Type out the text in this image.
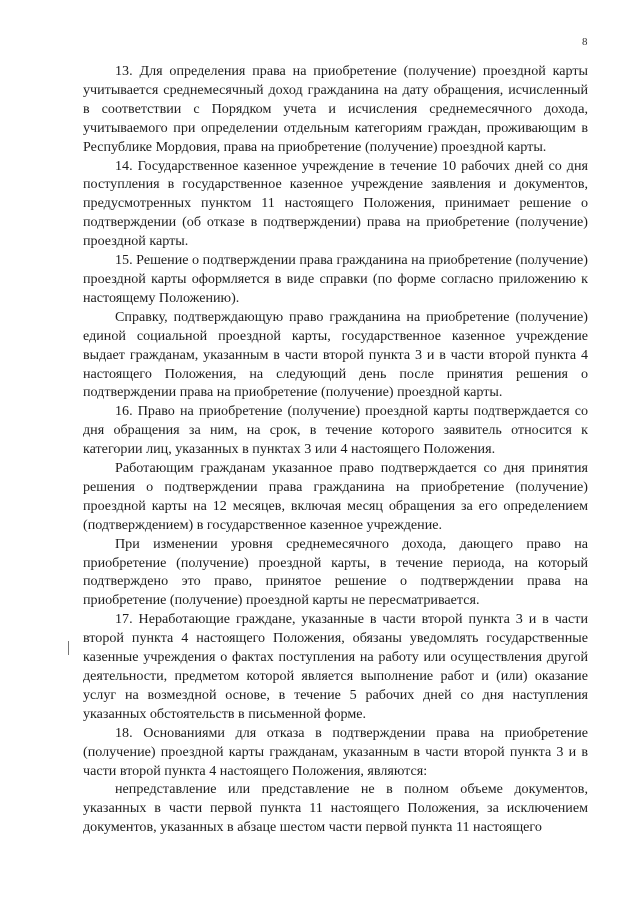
8

13. Для определения права на приобретение (получение) проездной карты учитывается среднемесячный доход гражданина на дату обращения, исчисленный в соответствии с Порядком учета и исчисления среднемесячного дохода, учитываемого при определении отдельным категориям граждан, проживающим в Республике Мордовия, права на приобретение (получение) проездной карты.

14. Государственное казенное учреждение в течение 10 рабочих дней со дня поступления в государственное казенное учреждение заявления и документов, предусмотренных пунктом 11 настоящего Положения, принимает решение о подтверждении (об отказе в подтверждении) права на приобретение (получение) проездной карты.

15. Решение о подтверждении права гражданина на приобретение (получение) проездной карты оформляется в виде справки (по форме согласно приложению к настоящему Положению).

Справку, подтверждающую право гражданина на приобретение (получение) единой социальной проездной карты, государственное казенное учреждение выдает гражданам, указанным в части второй пункта 3 и в части второй пункта 4 настоящего Положения, на следующий день после принятия решения о подтверждении права на приобретение (получение) проездной карты.

16. Право на приобретение (получение) проездной карты подтверждается со дня обращения за ним, на срок, в течение которого заявитель относится к категории лиц, указанных в пунктах 3 или 4 настоящего Положения.

Работающим гражданам указанное право подтверждается со дня принятия решения о подтверждении права гражданина на приобретение (получение) проездной карты на 12 месяцев, включая месяц обращения за его определением (подтверждением) в государственное казенное учреждение.

При изменении уровня среднемесячного дохода, дающего право на приобретение (получение) проездной карты, в течение периода, на который подтверждено это право, принятое решение о подтверждении права на приобретение (получение) проездной карты не пересматривается.

17. Неработающие граждане, указанные в части второй пункта 3 и в части второй пункта 4 настоящего Положения, обязаны уведомлять государственные казенные учреждения о фактах поступления на работу или осуществления другой деятельности, предметом которой является выполнение работ и (или) оказание услуг на возмездной основе, в течение 5 рабочих дней со дня наступления указанных обстоятельств в письменной форме.

18. Основаниями для отказа в подтверждении права на приобретение (получение) проездной карты гражданам, указанным в части второй пункта 3 и в части второй пункта 4 настоящего Положения, являются:

непредставление или представление не в полном объеме документов, указанных в части первой пункта 11 настоящего Положения, за исключением документов, указанных в абзаце шестом части первой пункта 11 настоящего
